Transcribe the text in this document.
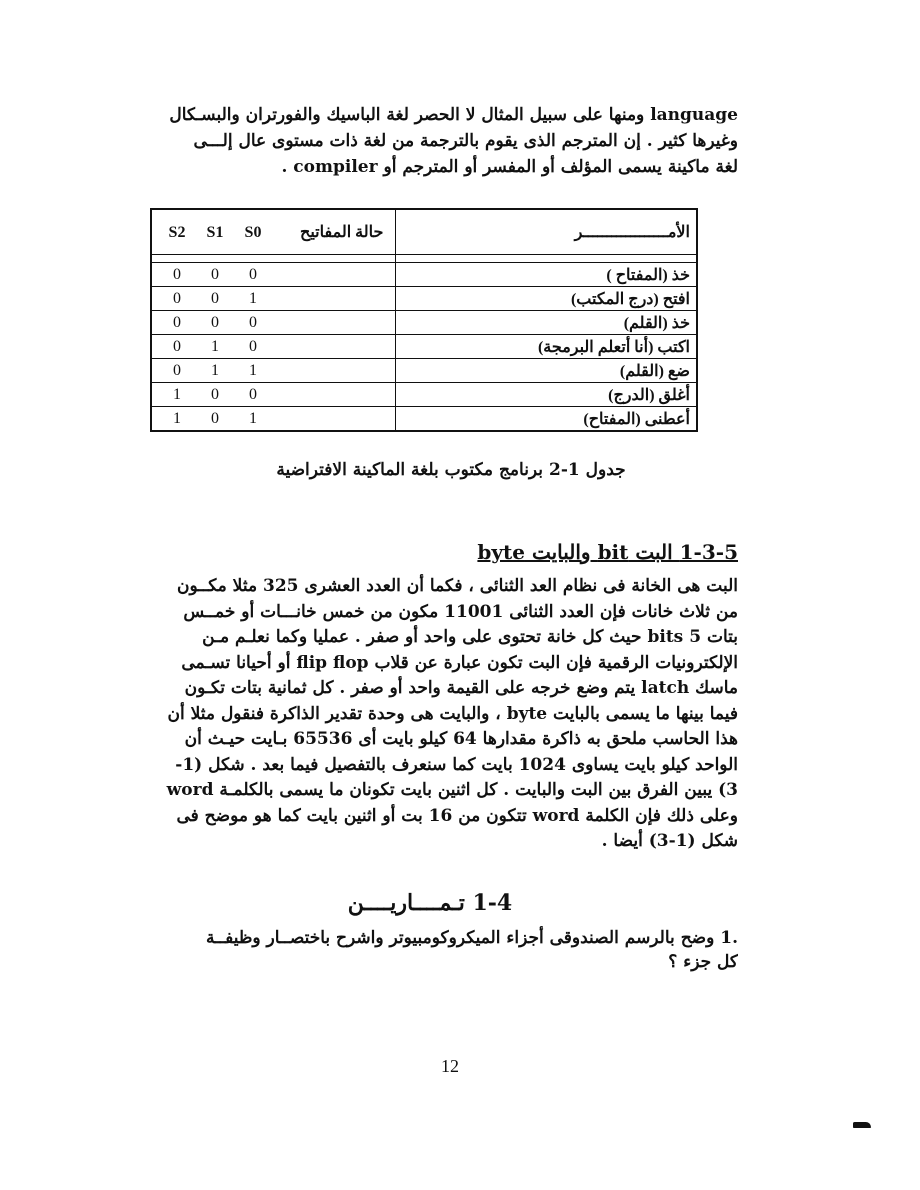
language ومنها على سبيل المثال لا الحصر لغة الباسيك والفورتران والبسـكال
وغيرها كثير . إن المترجم الذى يقوم بالترجمة من لغة ذات مستوى عال إلـــى
لغة ماكينة يسمى المؤلف أو المفسر أو المترجم أو compiler .
S2 S1 S0 حالة المفاتيح	الأمــــــــــــــــــر

0 0 0	خذ (المفتاح )
0 0 1	افتح (درج المكتب)
0 0 0	خذ (القلم)
0 1 0	اكتب (أنا أتعلم البرمجة)
0 1 1	ضع (القلم)
1 0 0	أغلق (الدرج)
1 0 1	أعطنى (المفتاح)
جدول 1-2 برنامج مكتوب بلغة الماكينة الافتراضية
1-3-5 البت bit والبايت byte
البت هى الخانة فى نظام العد الثنائى ، فكما أن العدد العشرى 325 مثلا مكــون
من ثلاث خانات فإن العدد الثنائى 11001 مكون من خمس خانـــات أو خمــس
بتات 5 bits حيث كل خانة تحتوى على واحد أو صفر . عمليا وكما نعلـم مـن
الإلكترونيات الرقمية فإن البت تكون عبارة عن قلاب flip flop أو أحيانا تسـمى
ماسك latch يتم وضع خرجه على القيمة واحد أو صفر . كل ثمانية بتات تكـون
فيما بينها ما يسمى بالبايت byte ، والبايت هى وحدة تقدير الذاكرة فنقول مثلا أن
هذا الحاسب ملحق به ذاكرة مقدارها 64 كيلو بايت أى 65536 بـايت حيـث أن
الواحد كيلو بايت يساوى 1024 بايت كما سنعرف بالتفصيل فيما بعد . شكل (1-
3) يبين الفرق بين البت والبايت . كل اثنين بايت تكونان ما يسمى بالكلمـة word
وعلى ذلك فإن الكلمة word تتكون من 16 بت أو اثنين بايت كما هو موضح فى
شكل (1-3) أيضا .
1-4 تـمــــاريــــن
.1 وضح بالرسم الصندوقى أجزاء الميكروكومبيوتر واشرح باختصــار وظيفــة
كل جزء ؟
12
